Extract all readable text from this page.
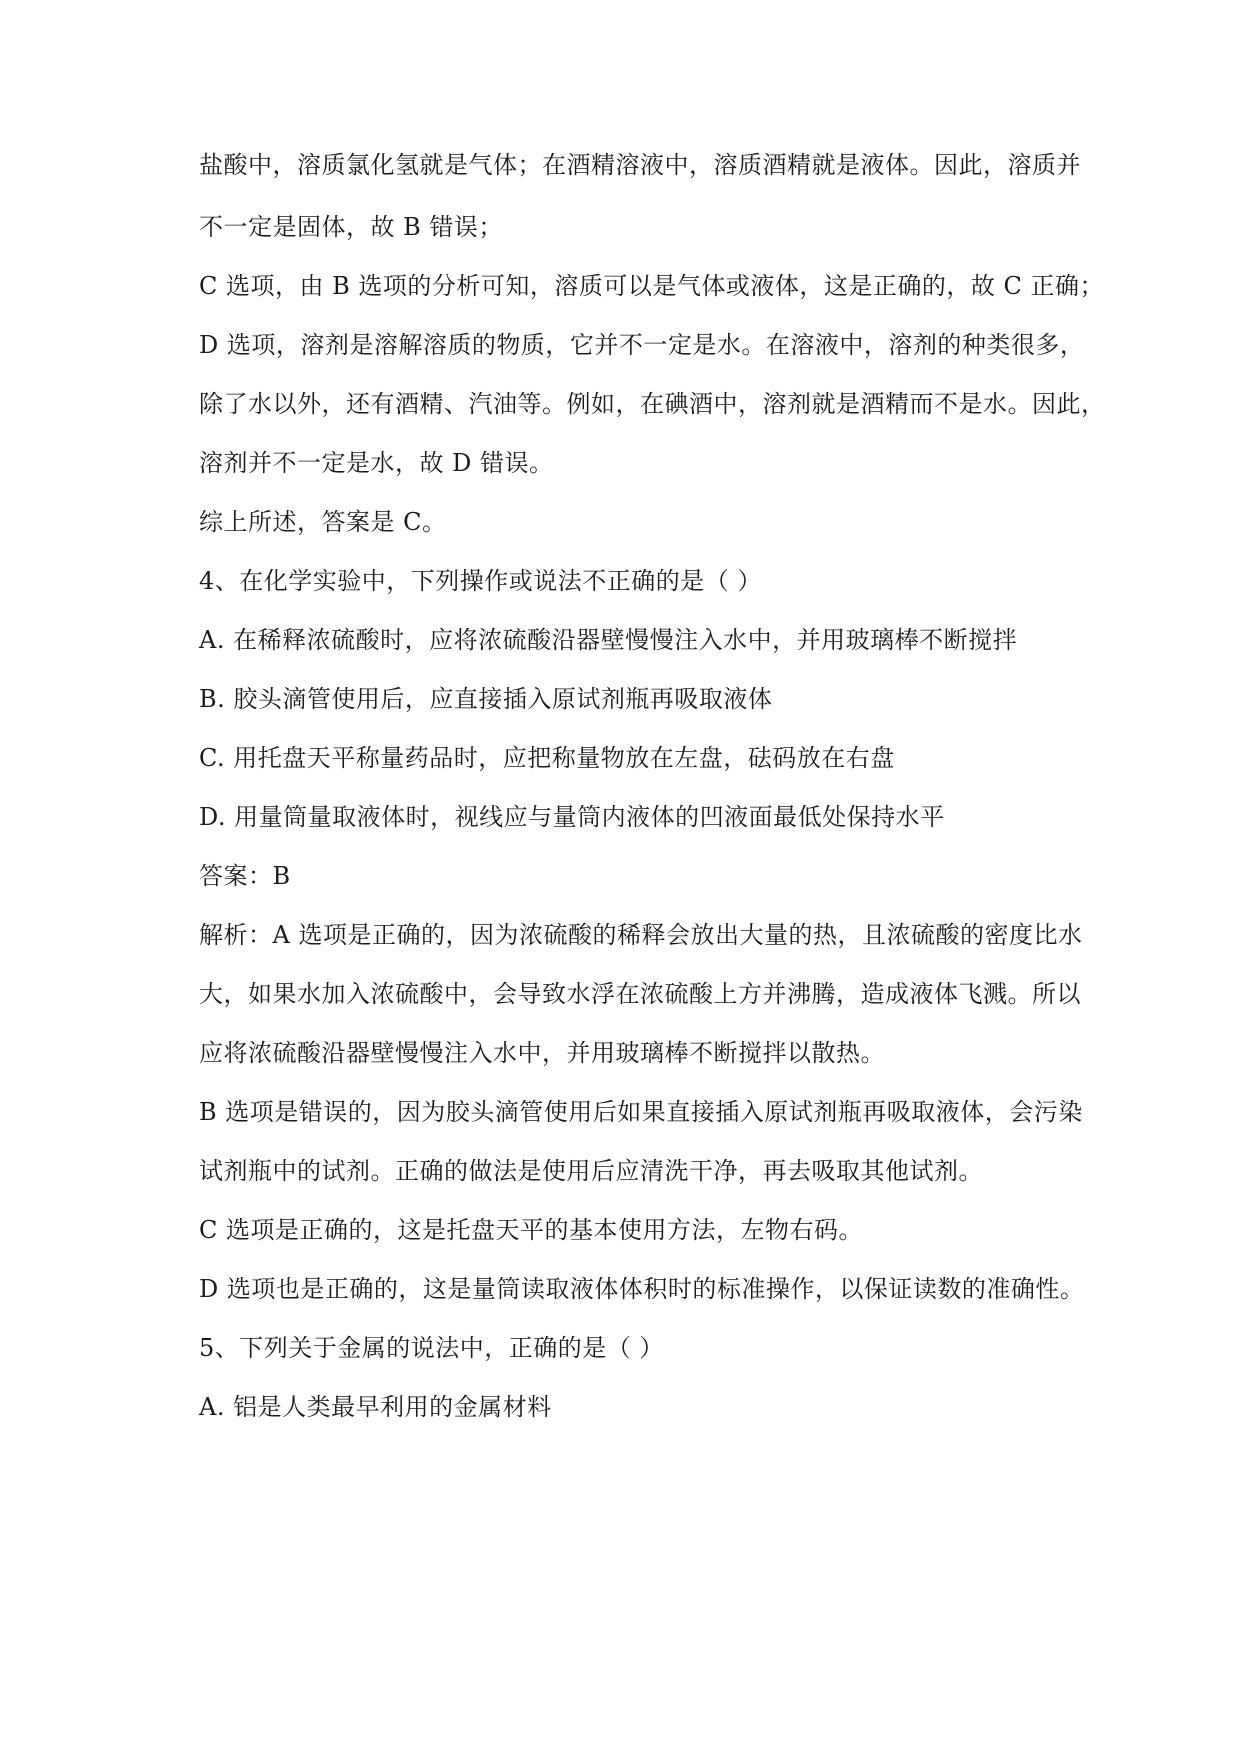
盐酸中，溶质氯化氢就是气体；在酒精溶液中，溶质酒精就是液体。因此，溶质并
不一定是固体，故 B 错误；
C 选项，由 B 选项的分析可知，溶质可以是气体或液体，这是正确的，故 C 正确；
D 选项，溶剂是溶解溶质的物质，它并不一定是水。在溶液中，溶剂的种类很多，
除了水以外，还有酒精、汽油等。例如，在碘酒中，溶剂就是酒精而不是水。因此，
溶剂并不一定是水，故 D 错误。
综上所述，答案是 C。
4、在化学实验中，下列操作或说法不正确的是（ ）
A. 在稀释浓硫酸时，应将浓硫酸沿器壁慢慢注入水中，并用玻璃棒不断搅拌
B. 胶头滴管使用后，应直接插入原试剂瓶再吸取液体
C. 用托盘天平称量药品时，应把称量物放在左盘，砝码放在右盘
D. 用量筒量取液体时，视线应与量筒内液体的凹液面最低处保持水平
答案：B
解析：A 选项是正确的，因为浓硫酸的稀释会放出大量的热，且浓硫酸的密度比水
大，如果水加入浓硫酸中，会导致水浮在浓硫酸上方并沸腾，造成液体飞溅。所以
应将浓硫酸沿器壁慢慢注入水中，并用玻璃棒不断搅拌以散热。
B 选项是错误的，因为胶头滴管使用后如果直接插入原试剂瓶再吸取液体，会污染
试剂瓶中的试剂。正确的做法是使用后应清洗干净，再去吸取其他试剂。
C 选项是正确的，这是托盘天平的基本使用方法，左物右码。
D 选项也是正确的，这是量筒读取液体体积时的标准操作，以保证读数的准确性。
5、下列关于金属的说法中，正确的是（ ）
A. 铝是人类最早利用的金属材料
